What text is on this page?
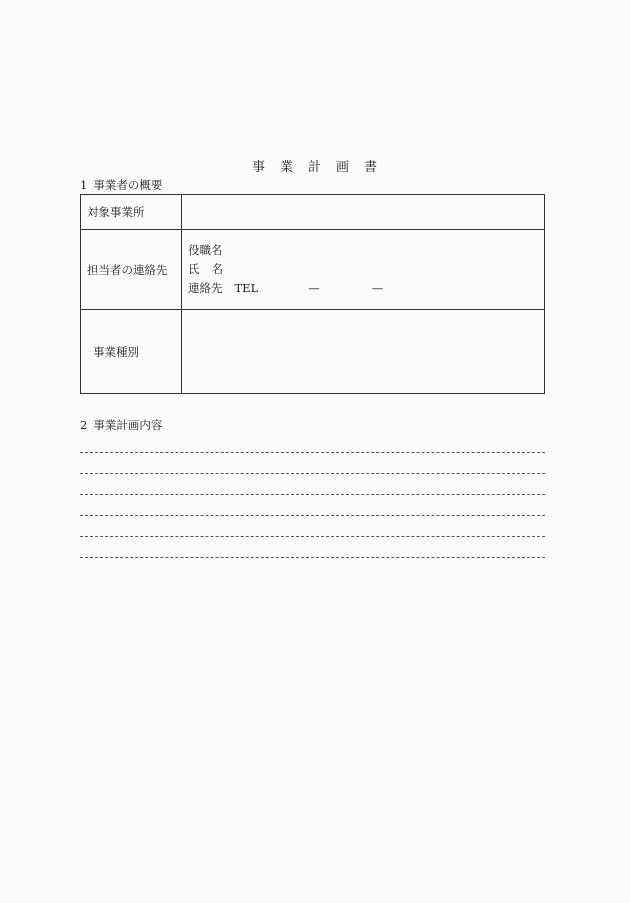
事　業　計　画　書
1 事業者の概要
対象事業所	
担当者の連絡先	役職名
氏 名
連絡先 TEL — —

事業種別	
2 事業計画内容
